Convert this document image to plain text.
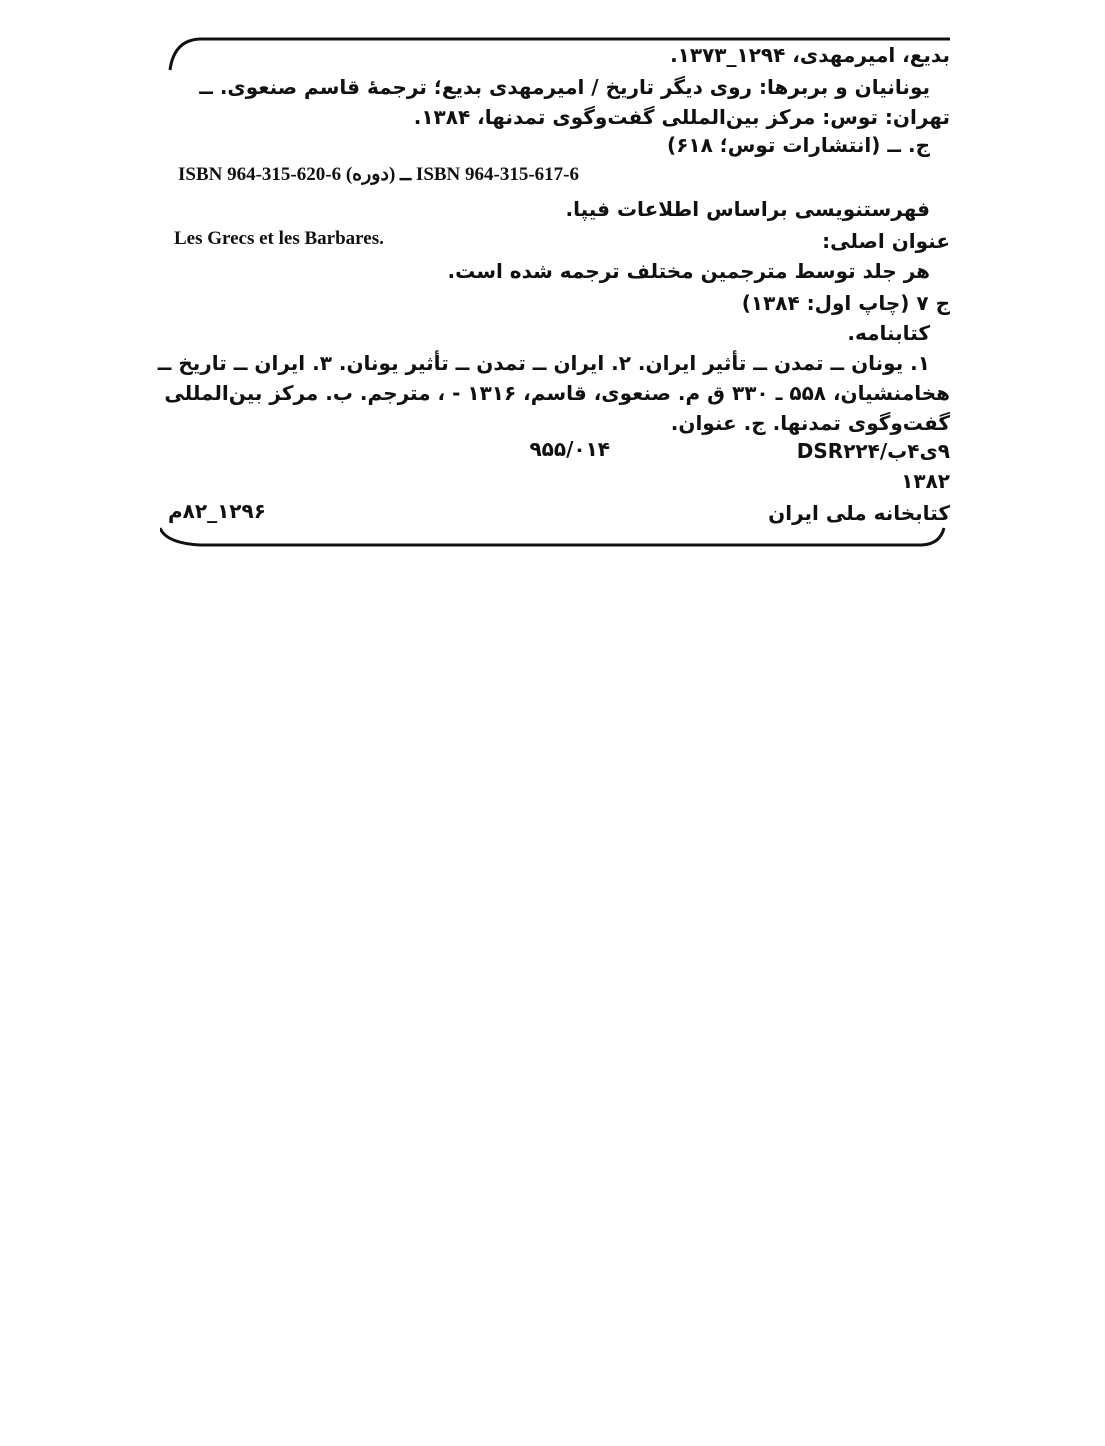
بدیع، امیرمهدی، ۱۲۹۴_۱۳۷۳.
یونانیان و بربرها: روی دیگر تاریخ / امیرمهدی بدیع؛ ترجمهٔ قاسم صنعوی. ــ
تهران: توس: مرکز بین‌المللی گفت‌وگوی تمدنها، ۱۳۸۴.
ج. ــ (انتشارات توس؛ ۶۱۸)
ISBN 964-315-620-6 (دوره) ــ ISBN 964-315-617-6
فهرستنویسی براساس اطلاعات فیپا.
Les Grecs et les Barbares.	عنوان اصلی:
هر جلد توسط مترجمین مختلف ترجمه شده است.
ج ۷ (چاپ اول: ۱۳۸۴)
کتابنامه.
۱. یونان ــ تمدن ــ تأثیر ایران. ۲. ایران ــ تمدن ــ تأثیر یونان. ۳. ایران ــ تاریخ ــ
هخامنشیان، ۵۵۸ ـ ۳۳۰ ق م. صنعوی، قاسم، ۱۳۱۶ - ، مترجم. ب. مرکز بین‌المللی
گفت‌وگوی تمدنها. ج. عنوان.
۹ی۴ب/DSR۲۲۴
۹۵۵/۰۱۴
۱۳۸۲
کتابخانه ملی ایران
۱۲۹۶_۸۲م
